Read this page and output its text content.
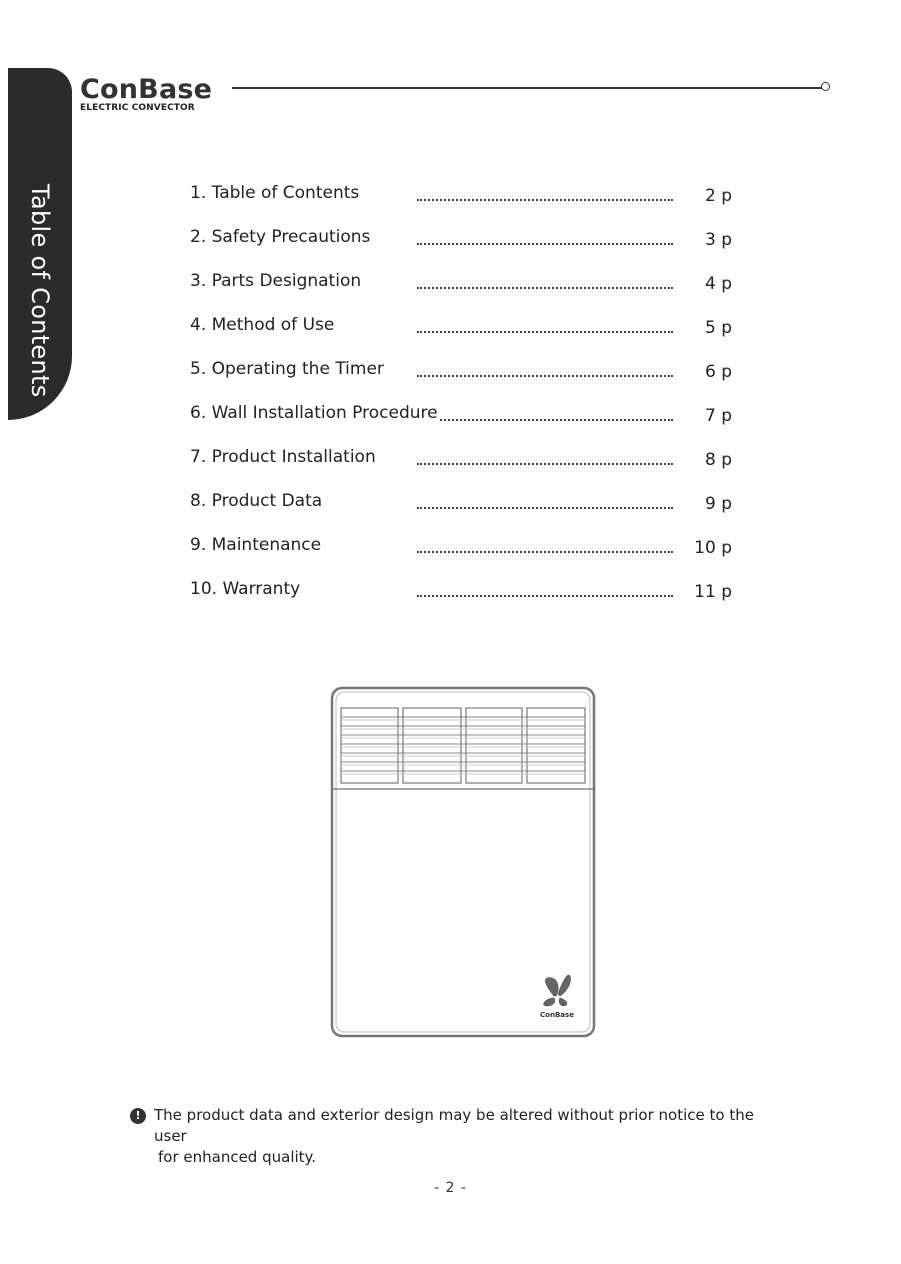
Table of Contents
ConBase
ELECTRIC CONVECTOR
1. Table of Contents	2 p
2. Safety Precautions	3 p
3. Parts Designation	4 p
4. Method of Use	5 p
5. Operating the Timer	6 p
6. Wall Installation Procedure	7 p
7. Product Installation	8 p
8. Product Data	9 p
9. Maintenance	10 p
10. Warranty	11 p
ConBase
! The product data and exterior design may be altered without prior notice to the user
for enhanced quality.
- 2 -
